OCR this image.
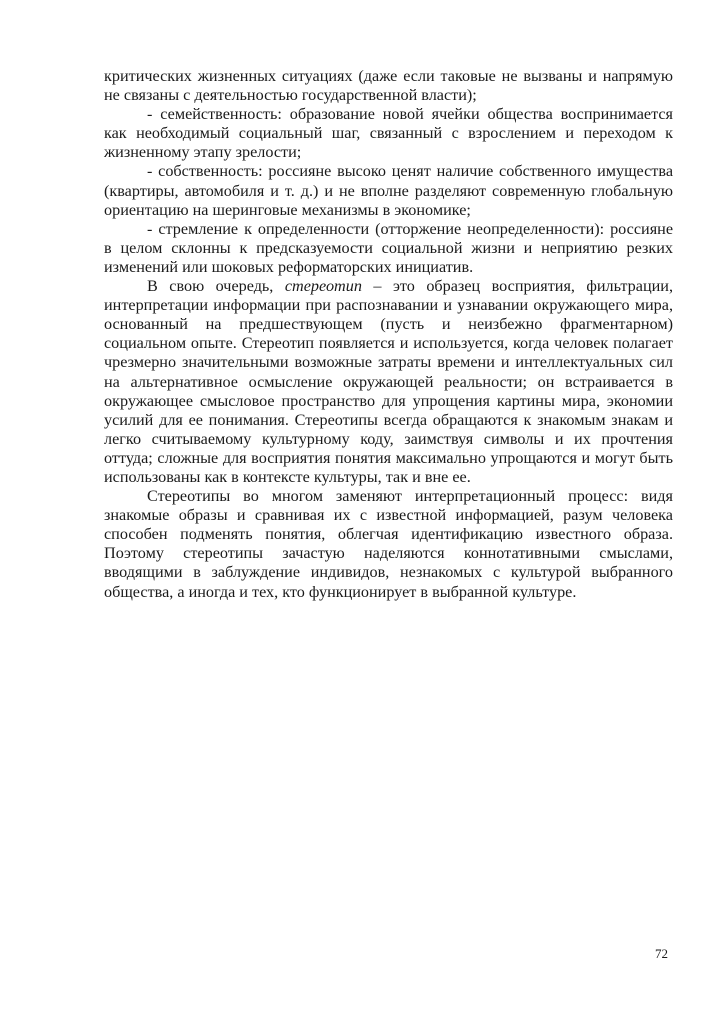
критических жизненных ситуациях (даже если таковые не вызваны и напрямую не связаны с деятельностью государственной власти);

- семейственность: образование новой ячейки общества воспринимается как необходимый социальный шаг, связанный с взрослением и переходом к жизненному этапу зрелости;

- собственность: россияне высоко ценят наличие собственного имущества (квартиры, автомобиля и т. д.) и не вполне разделяют современную глобальную ориентацию на шеринговые механизмы в экономике;

- стремление к определенности (отторжение неопределенности): россияне в целом склонны к предсказуемости социальной жизни и неприятию резких изменений или шоковых реформаторских инициатив.

В свою очередь, стереотип – это образец восприятия, фильтрации, интерпретации информации при распознавании и узнавании окружающего мира, основанный на предшествующем (пусть и неизбежно фрагментарном) социальном опыте. Стереотип появляется и используется, когда человек полагает чрезмерно значительными возможные затраты времени и интеллектуальных сил на альтернативное осмысление окружающей реальности; он встраивается в окружающее смысловое пространство для упрощения картины мира, экономии усилий для ее понимания. Стереотипы всегда обращаются к знакомым знакам и легко считываемому культурному коду, заимствуя символы и их прочтения оттуда; сложные для восприятия понятия максимально упрощаются и могут быть использованы как в контексте культуры, так и вне ее.

Стереотипы во многом заменяют интерпретационный процесс: видя знакомые образы и сравнивая их с известной информацией, разум человека способен подменять понятия, облегчая идентификацию известного образа. Поэтому стереотипы зачастую наделяются коннотативными смыслами, вводящими в заблуждение индивидов, незнакомых с культурой выбранного общества, а иногда и тех, кто функционирует в выбранной культуре.

72
